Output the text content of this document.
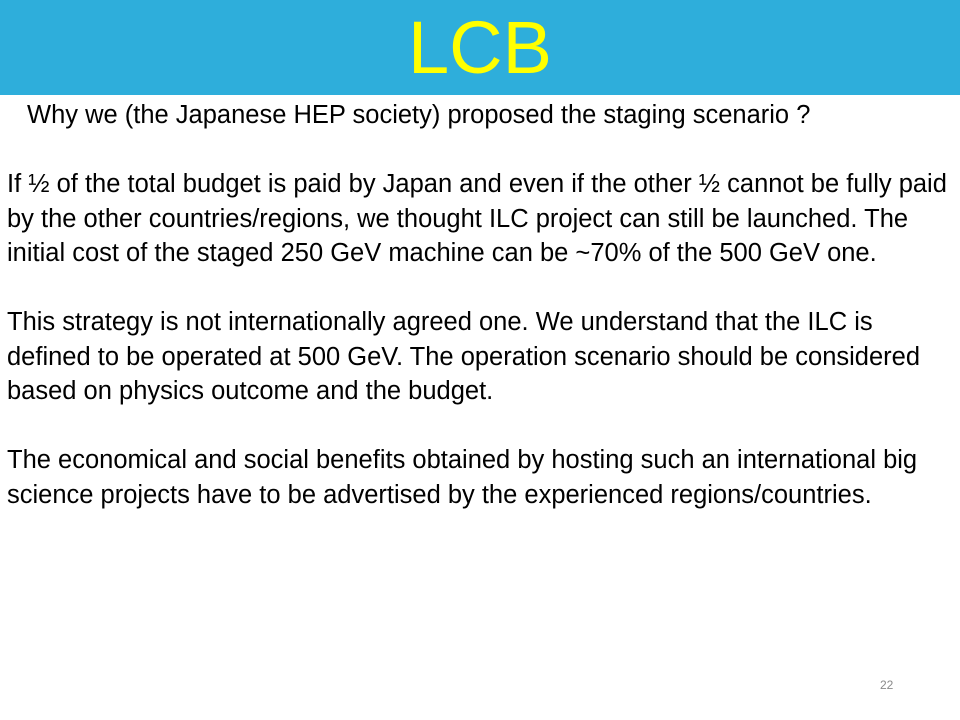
LCB

Why we (the Japanese HEP society) proposed the staging scenario ?

If ½ of the total budget is paid by Japan and even if the other ½ cannot be fully paid by the other countries/regions, we thought ILC project can still be launched. The initial cost of the staged 250 GeV machine can be ~70% of the 500 GeV one.

This strategy is not internationally agreed one. We understand that the ILC is defined to be operated at 500 GeV. The operation scenario should be considered based on physics outcome and the budget.

The economical and social benefits obtained by hosting such an international big science projects have to be advertised by the experienced regions/countries.

22
